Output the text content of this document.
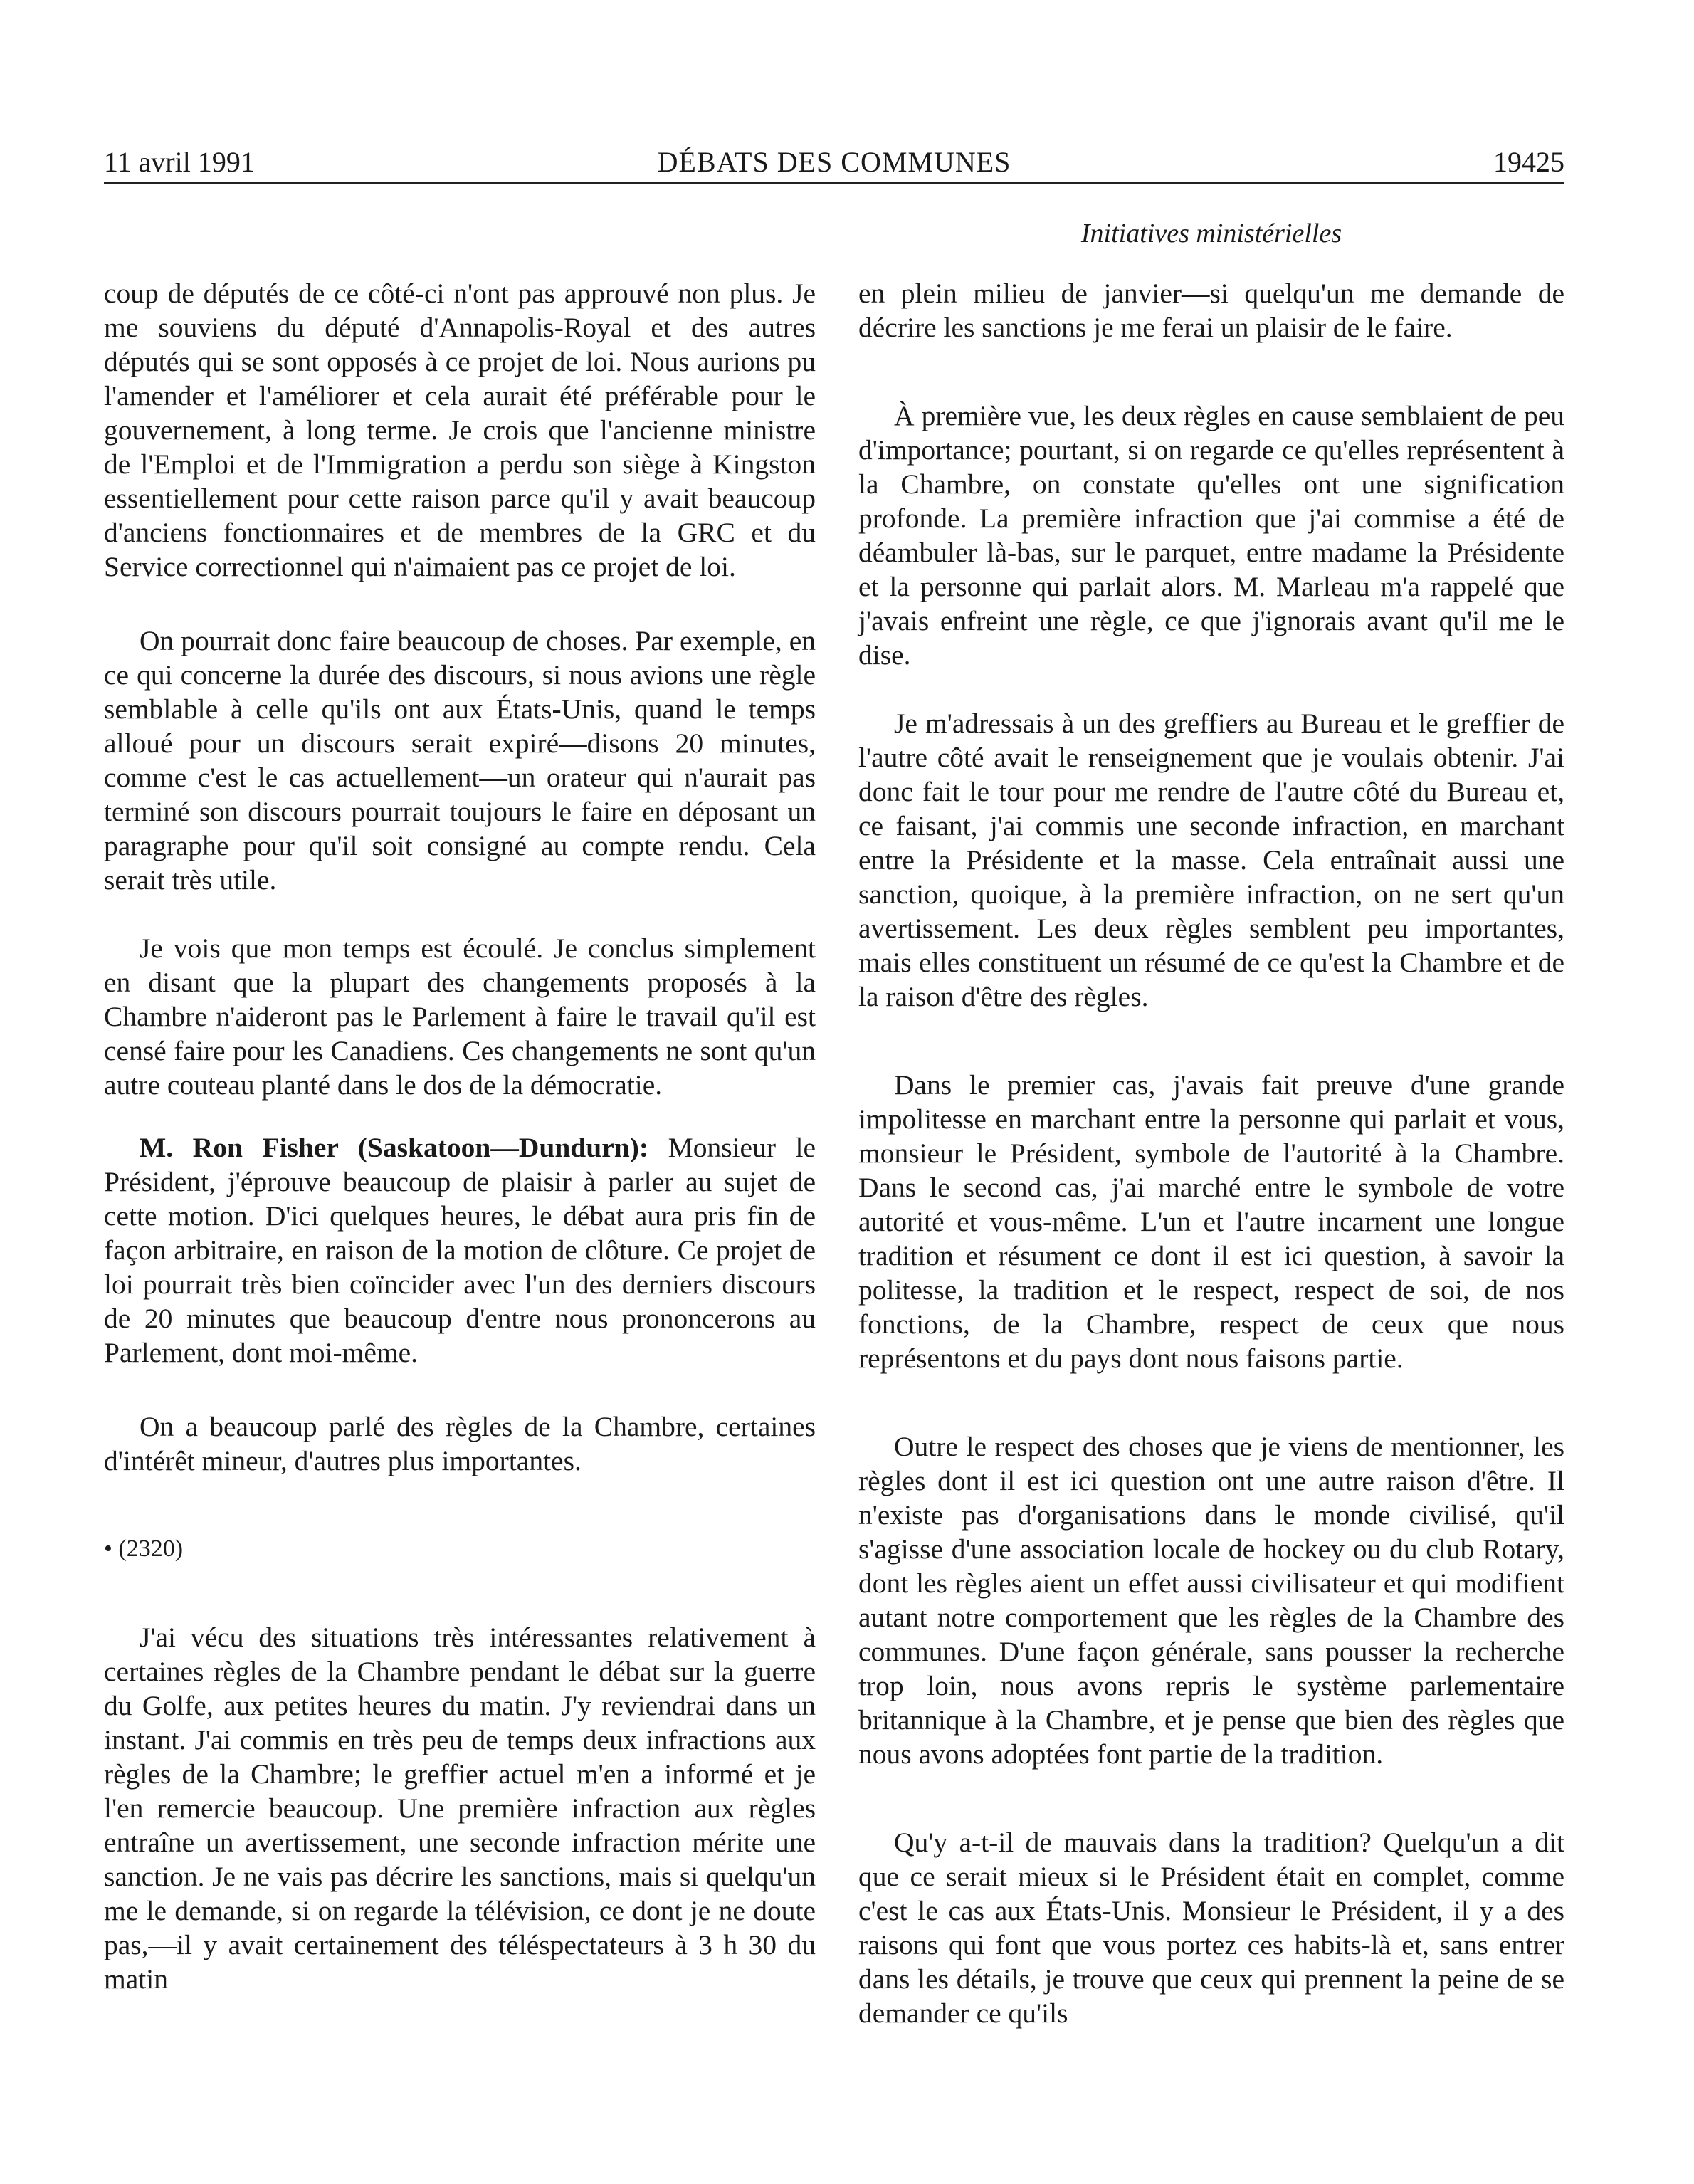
11 avril 1991	DÉBATS DES COMMUNES	19425
Initiatives ministérielles

coup de députés de ce côté-ci n'ont pas approuvé non plus. Je me souviens du député d'Annapolis-Royal et des autres députés qui se sont opposés à ce projet de loi. Nous aurions pu l'amender et l'améliorer et cela aurait été préférable pour le gouvernement, à long terme. Je crois que l'ancienne ministre de l'Emploi et de l'Immigration a perdu son siège à Kingston essentiellement pour cette raison parce qu'il y avait beaucoup d'anciens fonctionnaires et de membres de la GRC et du Service correctionnel qui n'aimaient pas ce projet de loi.

On pourrait donc faire beaucoup de choses. Par exemple, en ce qui concerne la durée des discours, si nous avions une règle semblable à celle qu'ils ont aux États-Unis, quand le temps alloué pour un discours serait expiré—disons 20 minutes, comme c'est le cas actuellement—un orateur qui n'aurait pas terminé son discours pourrait toujours le faire en déposant un paragraphe pour qu'il soit consigné au compte rendu. Cela serait très utile.

Je vois que mon temps est écoulé. Je conclus simplement en disant que la plupart des changements proposés à la Chambre n'aideront pas le Parlement à faire le travail qu'il est censé faire pour les Canadiens. Ces changements ne sont qu'un autre couteau planté dans le dos de la démocratie.

M. Ron Fisher (Saskatoon—Dundurn): Monsieur le Président, j'éprouve beaucoup de plaisir à parler au sujet de cette motion. D'ici quelques heures, le débat aura pris fin de façon arbitraire, en raison de la motion de clôture. Ce projet de loi pourrait très bien coïncider avec l'un des derniers discours de 20 minutes que beaucoup d'entre nous prononcerons au Parlement, dont moi-même.

On a beaucoup parlé des règles de la Chambre, certaines d'intérêt mineur, d'autres plus importantes.

• (2320)

J'ai vécu des situations très intéressantes relativement à certaines règles de la Chambre pendant le débat sur la guerre du Golfe, aux petites heures du matin. J'y reviendrai dans un instant. J'ai commis en très peu de temps deux infractions aux règles de la Chambre; le greffier actuel m'en a informé et je l'en remercie beaucoup. Une première infraction aux règles entraîne un avertissement, une seconde infraction mérite une sanction. Je ne vais pas décrire les sanctions, mais si quelqu'un me le demande, si on regarde la télévision, ce dont je ne doute pas,—il y avait certainement des téléspectateurs à 3 h 30 du matin

en plein milieu de janvier—si quelqu'un me demande de décrire les sanctions je me ferai un plaisir de le faire.

À première vue, les deux règles en cause semblaient de peu d'importance; pourtant, si on regarde ce qu'elles représentent à la Chambre, on constate qu'elles ont une signification profonde. La première infraction que j'ai commise a été de déambuler là-bas, sur le parquet, entre madame la Présidente et la personne qui parlait alors. M. Marleau m'a rappelé que j'avais enfreint une règle, ce que j'ignorais avant qu'il me le dise.

Je m'adressais à un des greffiers au Bureau et le greffier de l'autre côté avait le renseignement que je voulais obtenir. J'ai donc fait le tour pour me rendre de l'autre côté du Bureau et, ce faisant, j'ai commis une seconde infraction, en marchant entre la Présidente et la masse. Cela entraînait aussi une sanction, quoique, à la première infraction, on ne sert qu'un avertissement. Les deux règles semblent peu importantes, mais elles constituent un résumé de ce qu'est la Chambre et de la raison d'être des règles.

Dans le premier cas, j'avais fait preuve d'une grande impolitesse en marchant entre la personne qui parlait et vous, monsieur le Président, symbole de l'autorité à la Chambre. Dans le second cas, j'ai marché entre le symbole de votre autorité et vous-même. L'un et l'autre incarnent une longue tradition et résument ce dont il est ici question, à savoir la politesse, la tradition et le respect, respect de soi, de nos fonctions, de la Chambre, respect de ceux que nous représentons et du pays dont nous faisons partie.

Outre le respect des choses que je viens de mentionner, les règles dont il est ici question ont une autre raison d'être. Il n'existe pas d'organisations dans le monde civilisé, qu'il s'agisse d'une association locale de hockey ou du club Rotary, dont les règles aient un effet aussi civilisateur et qui modifient autant notre comportement que les règles de la Chambre des communes. D'une façon générale, sans pousser la recherche trop loin, nous avons repris le système parlementaire britannique à la Chambre, et je pense que bien des règles que nous avons adoptées font partie de la tradition.

Qu'y a-t-il de mauvais dans la tradition? Quelqu'un a dit que ce serait mieux si le Président était en complet, comme c'est le cas aux États-Unis. Monsieur le Président, il y a des raisons qui font que vous portez ces habits-là et, sans entrer dans les détails, je trouve que ceux qui prennent la peine de se demander ce qu'ils
